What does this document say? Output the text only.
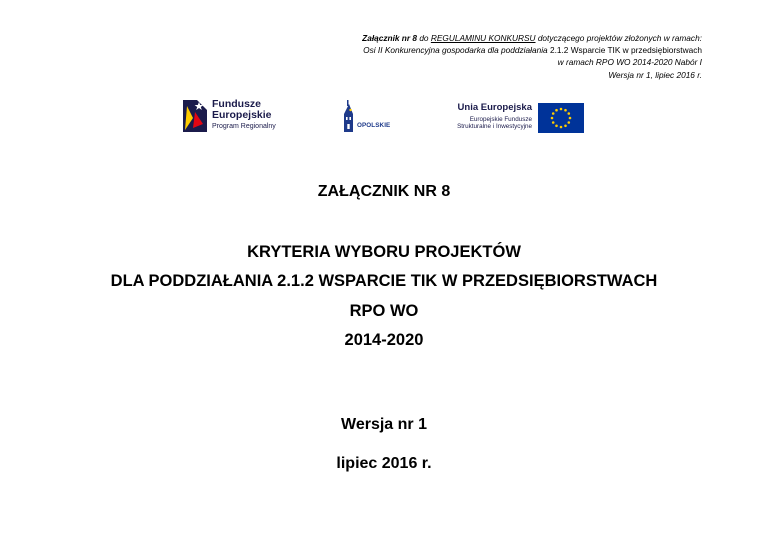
Załącznik nr 8 do REGULAMINU KONKURSU dotyczącego projektów złożonych w ramach:
Osi II Konkurencyjna gospodarka dla poddziałania 2.1.2 Wsparcie TIK w przedsiębiorstwach
w ramach RPO WO 2014-2020 Nabór I
Wersja nr 1, lipiec 2016 r.
Fundusze
Europejskie
Program Regionalny	OPOLSKIE
Unia Europejska
Europejskie Fundusze
Strukturalne i Inwestycyjne
ZAŁĄCZNIK NR 8
KRYTERIA WYBORU PROJEKTÓW
DLA PODDZIAŁANIA 2.1.2 WSPARCIE TIK W PRZEDSIĘBIORSTWACH
RPO WO
2014-2020
Wersja nr 1
lipiec 2016 r.
